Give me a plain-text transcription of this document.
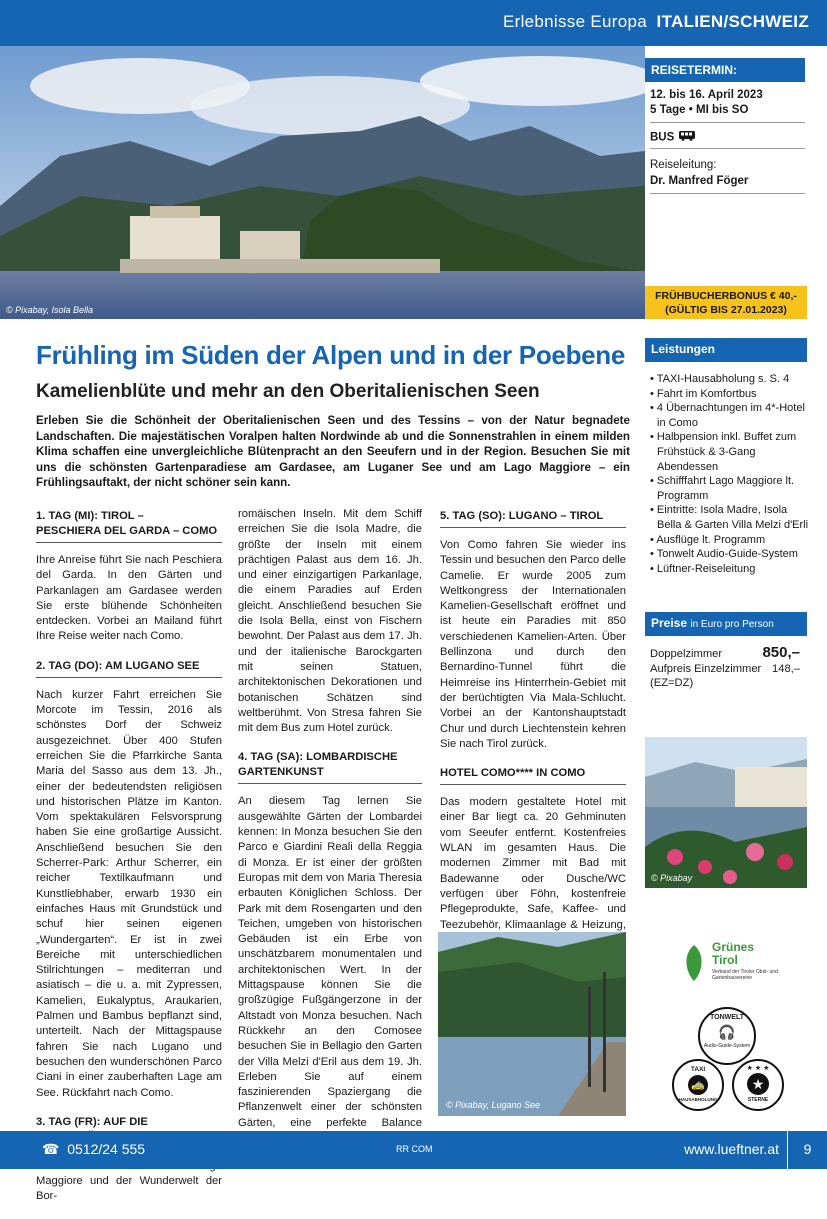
Erlebnisse Europa ITALIEN/SCHWEIZ
© Pixabay, Isola Bella
REISETERMIN:
12. bis 16. April 2023
5 Tage • MI bis SO
BUS
Reiseleitung:
Dr. Manfred Föger
FRÜHBUCHERBONUS € 40,-
(GÜLTIG BIS 27.01.2023)
Frühling im Süden der Alpen und in der Poebene
Kamelienblüte und mehr an den Oberitalienischen Seen

Erleben Sie die Schönheit der Oberitalienischen Seen und des Tessins – von der Natur begnadete Landschaften. Die majestätischen Voralpen halten Nordwinde ab und die Sonnenstrahlen in einem milden Klima schaffen eine unvergleichliche Blütenpracht an den Seeufern und in der Region. Besuchen Sie mit uns die schönsten Gartenparadiese am Gardasee, am Luganer See und am Lago Maggiore – ein Frühlingsauftakt, der nicht schöner sein kann.

1. TAG (MI): TIROL –
PESCHIERA DEL GARDA – COMO

Ihre Anreise führt Sie nach Peschiera del Garda. In den Gärten und Parkanlagen am Gardasee werden Sie erste blühende Schönheiten entdecken. Vorbei an Mailand führt Ihre Reise weiter nach Como.

2. TAG (DO): AM LUGANO SEE

Nach kurzer Fahrt erreichen Sie Morcote im Tessin, 2016 als schönstes Dorf der Schweiz ausgezeichnet. Über 400 Stufen erreichen Sie die Pfarrkirche Santa Maria del Sasso aus dem 13. Jh., einer der bedeutendsten religiösen und historischen Plätze im Kanton. Vom spektakulären Felsvorsprung haben Sie eine großartige Aussicht. Anschließend besuchen Sie den Scherrer-Park: Arthur Scherrer, ein reicher Textilkaufmann und Kunstliebhaber, erwarb 1930 ein einfaches Haus mit Grundstück und schuf hier seinen eigenen „Wundergarten“. Er ist in zwei Bereiche mit unterschiedlichen Stilrichtungen – mediterran und asiatisch – die u. a. mit Zypressen, Kamelien, Eukalyptus, Araukarien, Palmen und Bambus bepflanzt sind, unterteilt. Nach der Mittagspause fahren Sie nach Lugano und besuchen den wunderschönen Parco Ciani in einer zauberhaften Lage am See. Rückfahrt nach Como.

3. TAG (FR): AUF DIE

Maggiore und der Wunderwelt der Bor-

romäischen Inseln. Mit dem Schiff erreichen Sie die Isola Madre, die größte der Inseln mit einem prächtigen Palast aus dem 16. Jh. und einer einzigartigen Parkanlage, die einem Paradies auf Erden gleicht. Anschließend besuchen Sie die Isola Bella, einst von Fischern bewohnt. Der Palast aus dem 17. Jh. und der italienische Barockgarten mit seinen Statuen, architektonischen Dekorationen und botanischen Schätzen sind weltberühmt. Von Stresa fahren Sie mit dem Bus zum Hotel zurück.

4. TAG (SA): LOMBARDISCHE
GARTENKUNST

An diesem Tag lernen Sie ausgewählte Gärten der Lombardei kennen: In Monza besuchen Sie den Parco e Giardini Reali della Reggia di Monza. Er ist einer der größten Europas mit dem von Maria Theresia erbauten Königlichen Schloss. Der Park mit dem Rosengarten und den Teichen, umgeben von historischen Gebäuden ist ein Erbe von unschätzbarem monumentalen und architektonischen Wert. In der Mittagspause können Sie die großzügige Fußgängerzone in der Altstadt von Monza besuchen. Nach Rückkehr an den Comosee besuchen Sie in Bellagio den Garten der Villa Melzi d'Eril aus dem 19. Jh. Erleben Sie auf einem faszinierenden Spaziergang die Pflanzenwelt einer der schönsten Gärten, eine perfekte Balance

5. TAG (SO): LUGANO – TIROL

Von Como fahren Sie wieder ins Tessin und besuchen den Parco delle Camelie. Er wurde 2005 zum Weltkongress der Internationalen Kamelien-Gesellschaft eröffnet und ist heute ein Paradies mit 850 verschiedenen Kamelien-Arten. Über Bellinzona und durch den Bernardino-Tunnel führt die Heimreise ins Hinterrhein-Gebiet mit der berüchtigten Via Mala-Schlucht. Vorbei an der Kantonshauptstadt Chur und durch Liechtenstein kehren Sie nach Tirol zurück.

HOTEL COMO**** IN COMO

Das modern gestaltete Hotel mit einer Bar liegt ca. 20 Gehminuten vom Seeufer entfernt. Kostenfreies WLAN im gesamten Haus. Die modernen Zimmer mit Bad mit Badewanne oder Dusche/WC verfügen über Föhn, kostenfreie Pflegeprodukte, Safe, Kaffee- und Teezubehör, Klimaanlage & Heizung,

Leistungen
• TAXI-Hausabholung s. S. 4
• Fahrt im Komfortbus
• 4 Übernachtungen im 4*-Hotel in Como
• Halbpension inkl. Buffet zum Frühstück & 3-Gang Abendessen
• Schifffahrt Lago Maggiore lt. Programm
• Eintritte: Isola Madre, Isola Bella & Garten Villa Melzi d'Erli
• Ausflüge lt. Programm
• Tonwelt Audio-Guide-System
• Lüftner-Reiseleitung
Preise in Euro pro Person
Doppelzimmer	850,–
Aufpreis Einzelzimmer
(EZ=DZ)
148,–
© Pixabay
© Pixabay, Lugano See
Grünes
Tirol
Verband der Tiroler Obst- und Gartenbauvereine
TONWELT
🎧
Audio-Guide-System
TAXI
🚕
HAUSABHOLUNG
★ ★ ★
★
STERNE
☎ 0512/24 555	RR COM	www.lueftner.at	9
